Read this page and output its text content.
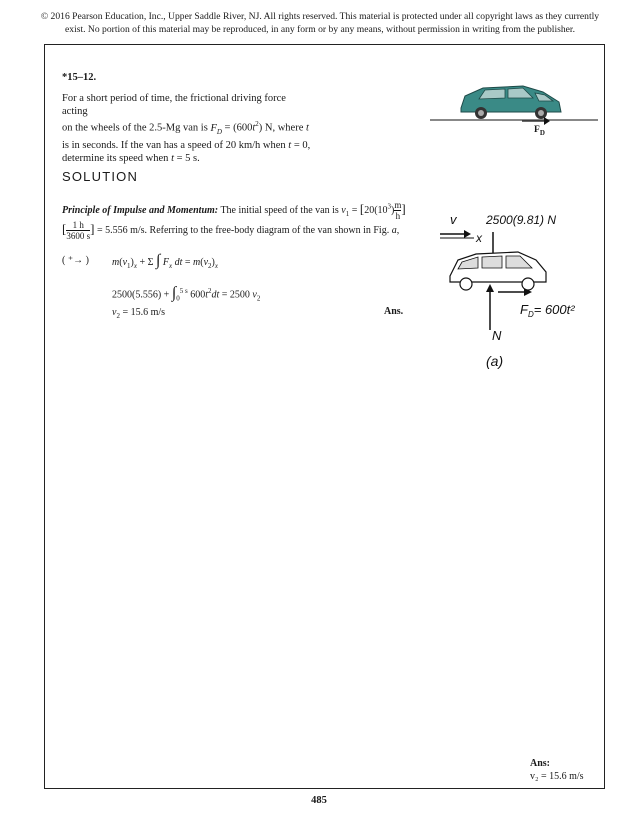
© 2016 Pearson Education, Inc., Upper Saddle River, NJ. All rights reserved. This material is protected under all copyright laws as they currently
exist. No portion of this material may be reproduced, in any form or by any means, without permission in writing from the publisher.
*15–12.

For a short period of time, the frictional driving force acting

on the wheels of the 2.5-Mg van is $F_D = (600t^2)$ N, where t

is in seconds. If the van has a speed of 20 km/h when t = 0,

determine its speed when t = 5 s.

$F_D$
SOLUTION
Principle of Impulse and Momentum: The initial speed of the van is $v_1 = [20(10^3) \frac{m}{h}$ ]
[ $\frac{1 h}{3600 s}$ ] = 5.556 m/s. Referring to the free-body diagram of the van shown in Fig. a,
( ⁺→ ) $m(v_1)_x + \Sigma$ ∫ $F_x$ dt = $m(v_2)_x$
$2500(5.556) + \int_0^{5 s}$ $600t^2dt = 2500$ $v_2$
$v_2 = 15.6$ m/s	Ans.
v
x
2500(9.81) N
$F_D= 600t^2$
N
(a)
Ans:
v₂ = 15.6 m/s
485
